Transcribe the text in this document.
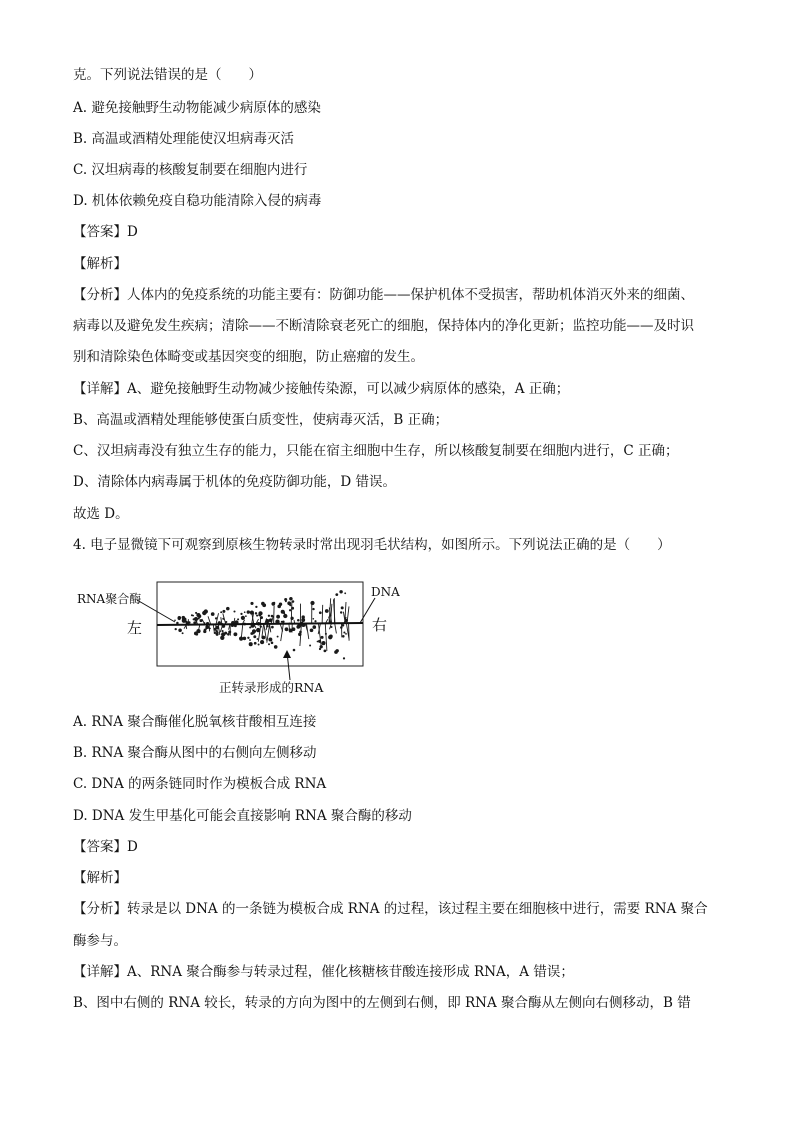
克。下列说法错误的是（　　）
A. 避免接触野生动物能减少病原体的感染
B. 高温或酒精处理能使汉坦病毒灭活
C. 汉坦病毒的核酸复制要在细胞内进行
D. 机体依赖免疫自稳功能清除入侵的病毒
【答案】D
【解析】
【分析】人体内的免疫系统的功能主要有：防御功能——保护机体不受损害，帮助机体消灭外来的细菌、
病毒以及避免发生疾病；清除——不断清除衰老死亡的细胞，保持体内的净化更新；监控功能——及时识
别和清除染色体畸变或基因突变的细胞，防止癌瘤的发生。
【详解】A、避免接触野生动物减少接触传染源，可以减少病原体的感染，A 正确；
B、高温或酒精处理能够使蛋白质变性，使病毒灭活，B 正确；
C、汉坦病毒没有独立生存的能力，只能在宿主细胞中生存，所以核酸复制要在细胞内进行，C 正确；
D、清除体内病毒属于机体的免疫防御功能，D 错误。
故选 D。
4. 电子显微镜下可观察到原核生物转录时常出现羽毛状结构，如图所示。下列说法正确的是（　　）
RNA聚合酶	DNA
左	右
正转录形成的RNA
A. RNA 聚合酶催化脱氧核苷酸相互连接
B. RNA 聚合酶从图中的右侧向左侧移动
C. DNA 的两条链同时作为模板合成 RNA
D. DNA 发生甲基化可能会直接影响 RNA 聚合酶的移动
【答案】D
【解析】
【分析】转录是以 DNA 的一条链为模板合成 RNA 的过程，该过程主要在细胞核中进行，需要 RNA 聚合
酶参与。
【详解】A、RNA 聚合酶参与转录过程，催化核糖核苷酸连接形成 RNA，A 错误；
B、图中右侧的 RNA 较长，转录的方向为图中的左侧到右侧，即 RNA 聚合酶从左侧向右侧移动，B 错
